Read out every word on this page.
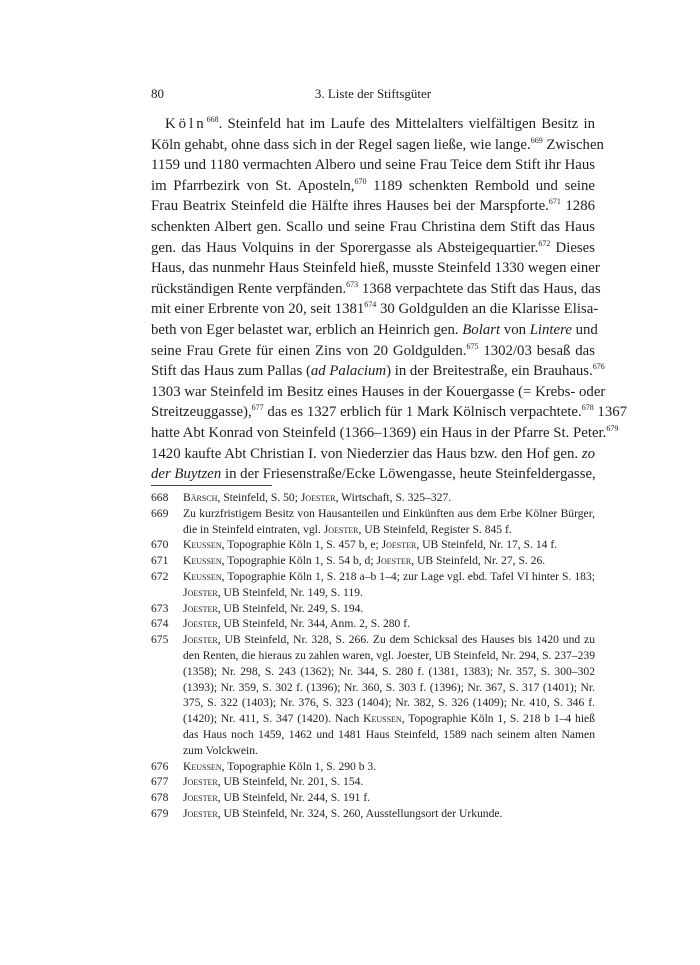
80	3. Liste der Stiftsgüter
Köln$^{668}$. Steinfeld hat im Laufe des Mittelalters vielfältigen Besitz in
Köln gehabt, ohne dass sich in der Regel sagen ließe, wie lange.$^{669}$ Zwischen
1159 und 1180 vermachten Albero und seine Frau Teice dem Stift ihr Haus
im Pfarrbezirk von St. Aposteln,$^{670}$ 1189 schenkten Rembold und seine
Frau Beatrix Steinfeld die Hälfte ihres Hauses bei der Marspforte.$^{671}$ 1286
schenkten Albert gen. Scallo und seine Frau Christina dem Stift das Haus
gen. das Haus Volquins in der Sporergasse als Absteigequartier.$^{672}$ Dieses
Haus, das nunmehr Haus Steinfeld hieß, musste Steinfeld 1330 wegen einer
rückständigen Rente verpfänden.$^{673}$ 1368 verpachtete das Stift das Haus, das
mit einer Erbrente von 20, seit 1381$^{674}$ 30 Goldgulden an die Klarisse Elisa-
beth von Eger belastet war, erblich an Heinrich gen. Bolart von Lintere und
seine Frau Grete für einen Zins von 20 Goldgulden.$^{675}$ 1302/03 besaß das
Stift das Haus zum Pallas (ad Palacium) in der Breitestraße, ein Brauhaus.$^{676}$
1303 war Steinfeld im Besitz eines Hauses in der Kouergasse (= Krebs- oder
Streitzeuggasse),$^{677}$ das es 1327 erblich für 1 Mark Kölnisch verpachtete.$^{678}$ 1367
hatte Abt Konrad von Steinfeld (1366–1369) ein Haus in der Pfarre St. Peter.$^{679}$
1420 kaufte Abt Christian I. von Niederzier das Haus bzw. den Hof gen. zo
der Buytzen in der Friesenstraße/Ecke Löwengasse, heute Steinfeldergasse,
668 Bärsch, Steinfeld, S. 50; Joester, Wirtschaft, S. 325–327.
669 Zu kurzfristigem Besitz von Hausanteilen und Einkünften aus dem Erbe Kölner Bürger, die in Steinfeld eintraten, vgl. Joester, UB Steinfeld, Register S. 845 f.
670 Keussen, Topographie Köln 1, S. 457 b, e; Joester, UB Steinfeld, Nr. 17, S. 14 f.
671 Keussen, Topographie Köln 1, S. 54 b, d; Joester, UB Steinfeld, Nr. 27, S. 26.
672 Keussen, Topographie Köln 1, S. 218 a–b 1–4; zur Lage vgl. ebd. Tafel VI hinter S. 183; Joester, UB Steinfeld, Nr. 149, S. 119.
673 Joester, UB Steinfeld, Nr. 249, S. 194.
674 Joester, UB Steinfeld, Nr. 344, Anm. 2, S. 280 f.
675 Joester, UB Steinfeld, Nr. 328, S. 266. Zu dem Schicksal des Hauses bis 1420 und zu den Renten, die hieraus zu zahlen waren, vgl. Joester, UB Steinfeld, Nr. 294, S. 237–239 (1358); Nr. 298, S. 243 (1362); Nr. 344, S. 280 f. (1381, 1383); Nr. 357, S. 300–302 (1393); Nr. 359, S. 302 f. (1396); Nr. 360, S. 303 f. (1396); Nr. 367, S. 317 (1401); Nr. 375, S. 322 (1403); Nr. 376, S. 323 (1404); Nr. 382, S. 326 (1409); Nr. 410, S. 346 f. (1420); Nr. 411, S. 347 (1420). Nach Keussen, Topographie Köln 1, S. 218 b 1–4 hieß das Haus noch 1459, 1462 und 1481 Haus Steinfeld, 1589 nach seinem alten Namen zum Volckwein.
676 Keussen, Topographie Köln 1, S. 290 b 3.
677 Joester, UB Steinfeld, Nr. 201, S. 154.
678 Joester, UB Steinfeld, Nr. 244, S. 191 f.
679 Joester, UB Steinfeld, Nr. 324, S. 260, Ausstellungsort der Urkunde.
